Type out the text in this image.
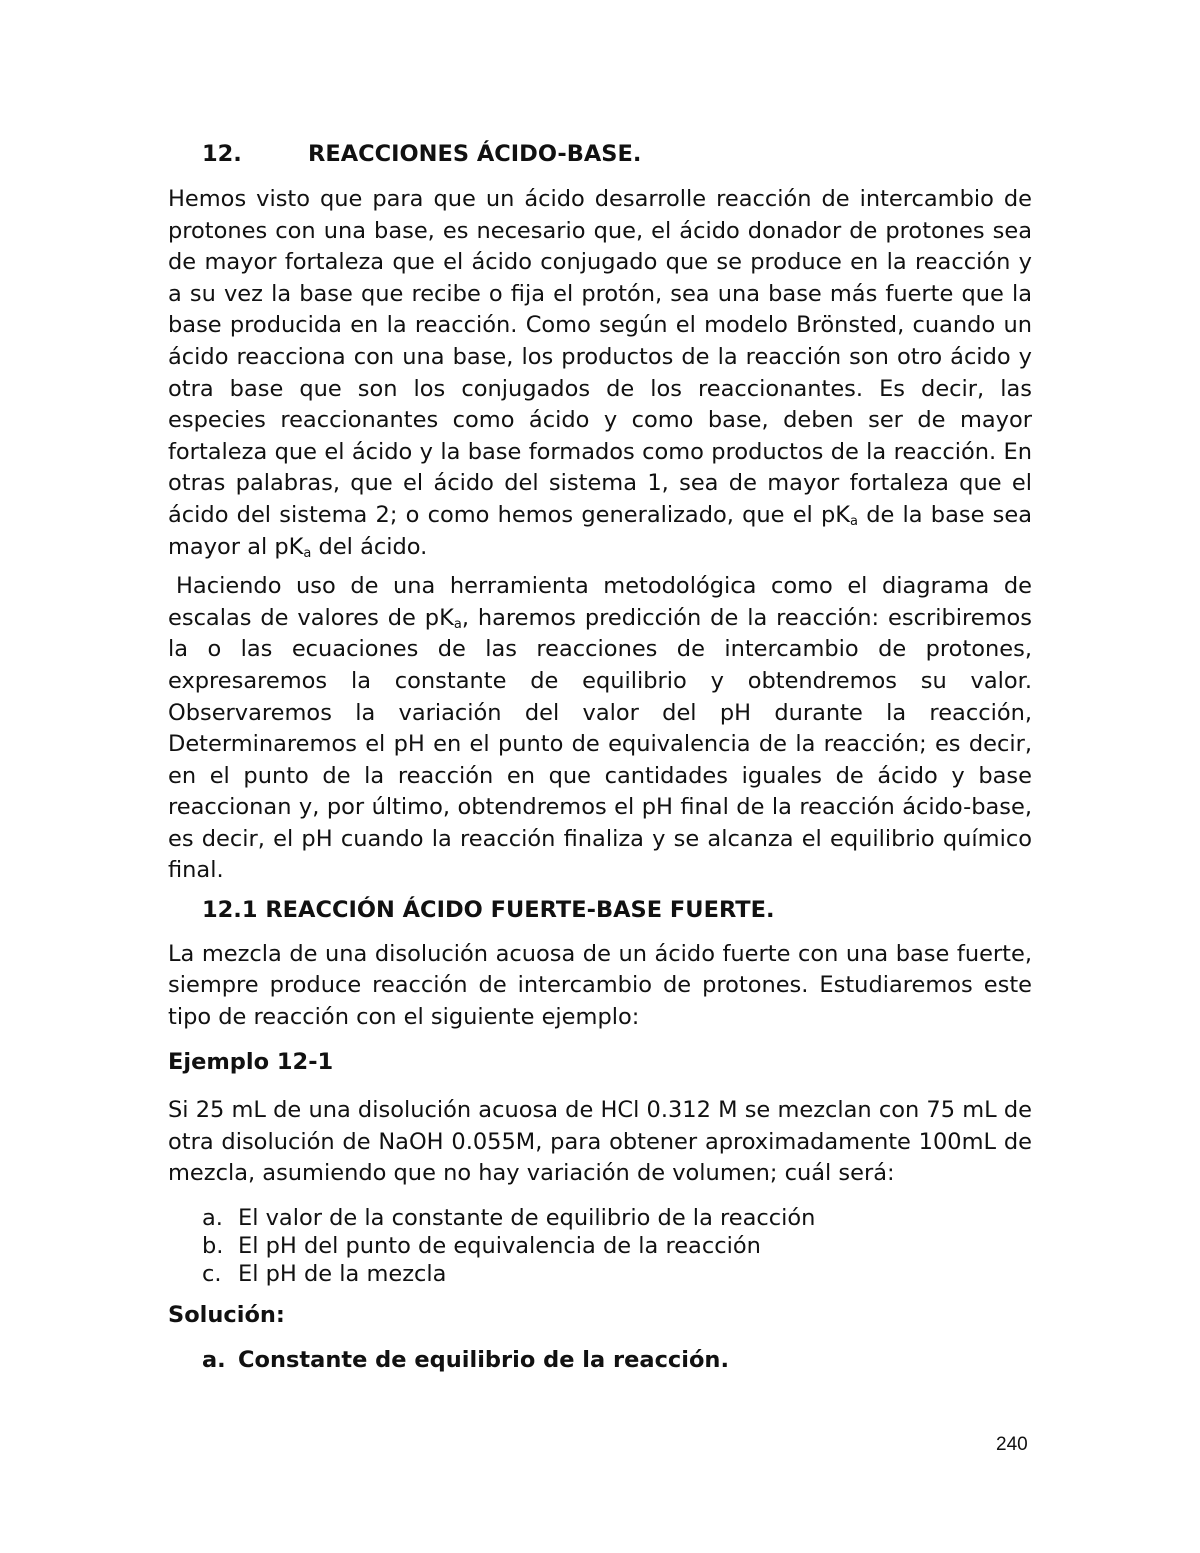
12.	REACCIONES ÁCIDO-BASE.

Hemos visto que para que un ácido desarrolle reacción de intercambio de protones con una base, es necesario que, el ácido donador de protones sea de mayor fortaleza que el ácido conjugado que se produce en la reacción y a su vez la base que recibe o fija el protón, sea una base más fuerte que la base producida en la reacción. Como según el modelo Brönsted, cuando un ácido reacciona con una base, los productos de la reacción son otro ácido y otra base que son los conjugados de los reaccionantes. Es decir, las especies reaccionantes como ácido y como base, deben ser de mayor fortaleza que el ácido y la base formados como productos de la reacción. En otras palabras, que el ácido del sistema 1, sea de mayor fortaleza que el ácido del sistema 2; o como hemos generalizado, que el $pK_a$ de la base sea mayor al $pK_a$ del ácido.

Haciendo uso de una herramienta metodológica como el diagrama de escalas de valores de $pK_a$, haremos predicción de la reacción: escribiremos la o las ecuaciones de las reacciones de intercambio de protones, expresaremos la constante de equilibrio y obtendremos su valor. Observaremos la variación del valor del pH durante la reacción, Determinaremos el pH en el punto de equivalencia de la reacción; es decir, en el punto de la reacción en que cantidades iguales de ácido y base reaccionan y, por último, obtendremos el pH final de la reacción ácido-base, es decir, el pH cuando la reacción finaliza y se alcanza el equilibrio químico final.

12.1 REACCIÓN ÁCIDO FUERTE-BASE FUERTE.

La mezcla de una disolución acuosa de un ácido fuerte con una base fuerte, siempre produce reacción de intercambio de protones. Estudiaremos este tipo de reacción con el siguiente ejemplo:

Ejemplo 12-1

Si 25 mL de una disolución acuosa de HCl 0.312 M se mezclan con 75 mL de otra disolución de NaOH 0.055M, para obtener aproximadamente 100mL de mezcla, asumiendo que no hay variación de volumen; cuál será:

a. El valor de la constante de equilibrio de la reacción
b. El pH del punto de equivalencia de la reacción
c. El pH de la mezcla
Solución:
a. Constante de equilibrio de la reacción.
240
